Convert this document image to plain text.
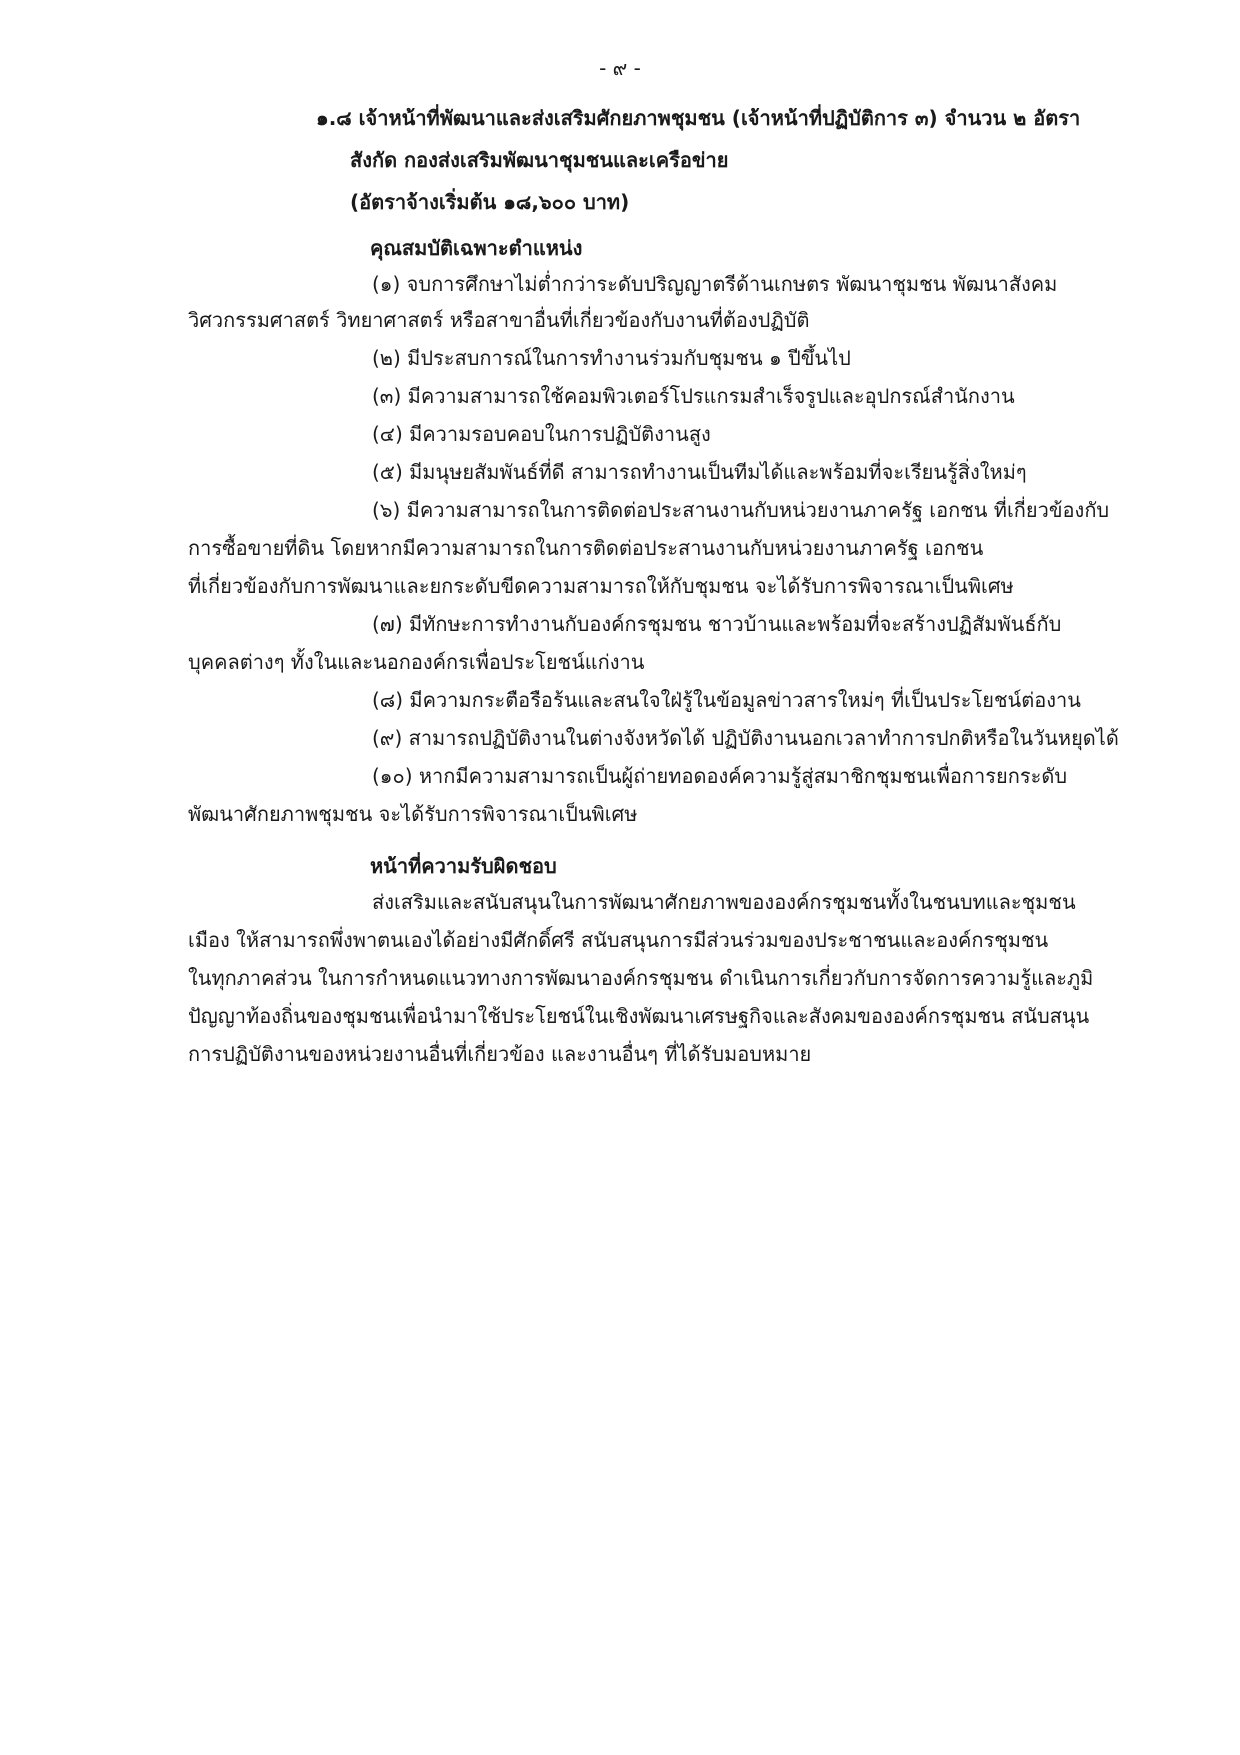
- ๙ -
๑.๘ เจ้าหน้าที่พัฒนาและส่งเสริมศักยภาพชุมชน (เจ้าหน้าที่ปฏิบัติการ ๓) จำนวน ๒ อัตรา
สังกัด กองส่งเสริมพัฒนาชุมชนและเครือข่าย
(อัตราจ้างเริ่มต้น ๑๘,๖๐๐ บาท)
คุณสมบัติเฉพาะตำแหน่ง
(๑) จบการศึกษาไม่ต่ำกว่าระดับปริญญาตรีด้านเกษตร พัฒนาชุมชน พัฒนาสังคม
วิศวกรรมศาสตร์ วิทยาศาสตร์ หรือสาขาอื่นที่เกี่ยวข้องกับงานที่ต้องปฏิบัติ
(๒) มีประสบการณ์ในการทำงานร่วมกับชุมชน ๑ ปีขึ้นไป
(๓) มีความสามารถใช้คอมพิวเตอร์โปรแกรมสำเร็จรูปและอุปกรณ์สำนักงาน
(๔) มีความรอบคอบในการปฏิบัติงานสูง
(๕) มีมนุษยสัมพันธ์ที่ดี สามารถทำงานเป็นทีมได้และพร้อมที่จะเรียนรู้สิ่งใหม่ๆ
(๖) มีความสามารถในการติดต่อประสานงานกับหน่วยงานภาครัฐ เอกชน ที่เกี่ยวข้องกับ
การซื้อขายที่ดิน โดยหากมีความสามารถในการติดต่อประสานงานกับหน่วยงานภาครัฐ เอกชน
ที่เกี่ยวข้องกับการพัฒนาและยกระดับขีดความสามารถให้กับชุมชน จะได้รับการพิจารณาเป็นพิเศษ
(๗) มีทักษะการทำงานกับองค์กรชุมชน ชาวบ้านและพร้อมที่จะสร้างปฏิสัมพันธ์กับ
บุคคลต่างๆ ทั้งในและนอกองค์กรเพื่อประโยชน์แก่งาน
(๘) มีความกระตือรือร้นและสนใจใฝ่รู้ในข้อมูลข่าวสารใหม่ๆ ที่เป็นประโยชน์ต่องาน
(๙) สามารถปฏิบัติงานในต่างจังหวัดได้ ปฏิบัติงานนอกเวลาทำการปกติหรือในวันหยุดได้
(๑๐) หากมีความสามารถเป็นผู้ถ่ายทอดองค์ความรู้สู่สมาชิกชุมชนเพื่อการยกระดับ
พัฒนาศักยภาพชุมชน จะได้รับการพิจารณาเป็นพิเศษ
หน้าที่ความรับผิดชอบ
ส่งเสริมและสนับสนุนในการพัฒนาศักยภาพขององค์กรชุมชนทั้งในชนบทและชุมชน
เมือง ให้สามารถพึ่งพาตนเองได้อย่างมีศักดิ์ศรี สนับสนุนการมีส่วนร่วมของประชาชนและองค์กรชุมชน
ในทุกภาคส่วน ในการกำหนดแนวทางการพัฒนาองค์กรชุมชน ดำเนินการเกี่ยวกับการจัดการความรู้และภูมิ
ปัญญาท้องถิ่นของชุมชนเพื่อนำมาใช้ประโยชน์ในเชิงพัฒนาเศรษฐกิจและสังคมขององค์กรชุมชน สนับสนุน
การปฏิบัติงานของหน่วยงานอื่นที่เกี่ยวข้อง และงานอื่นๆ ที่ได้รับมอบหมาย
